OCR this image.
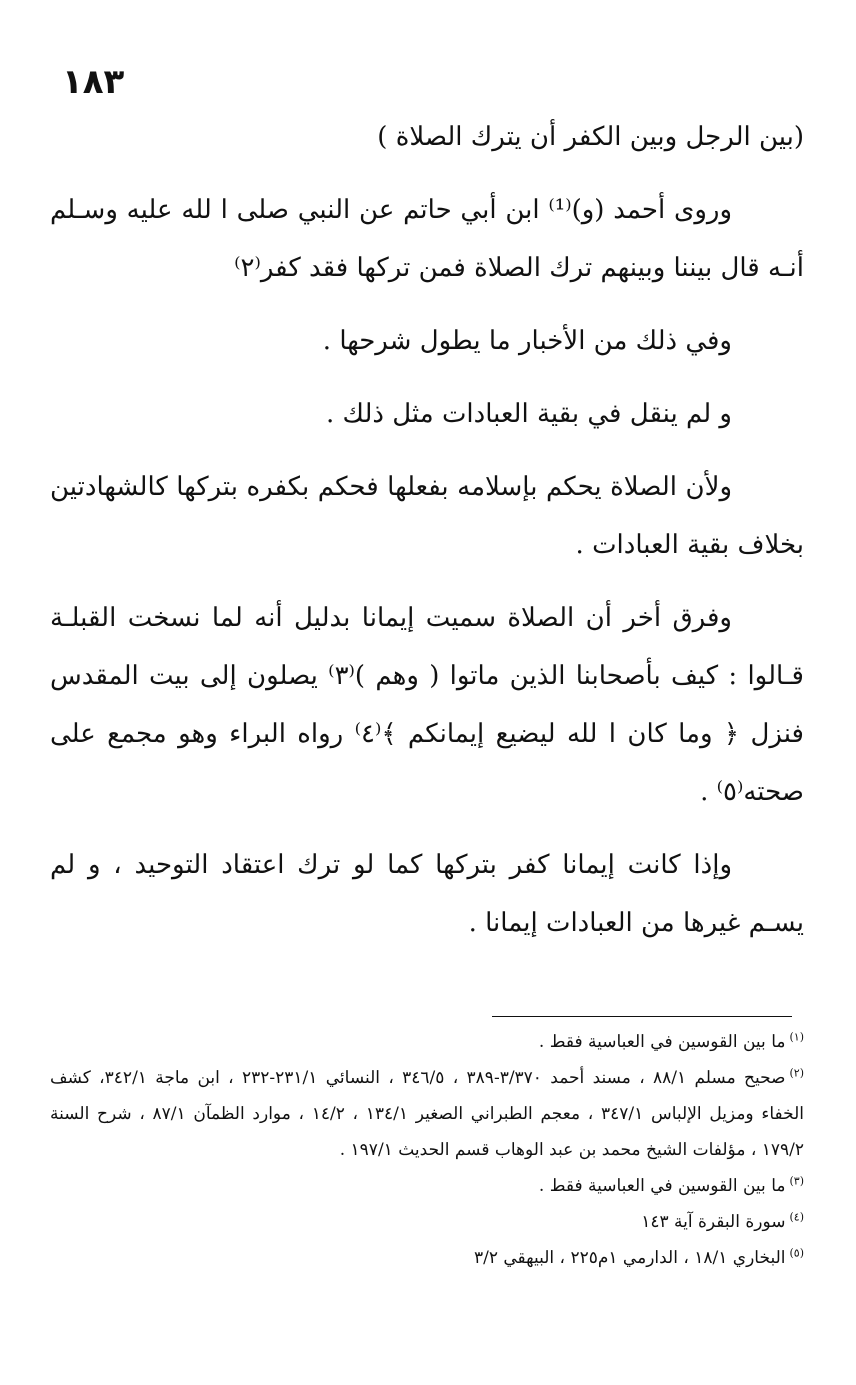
١٨٣

(بين الرجل وبين الكفر أن يترك الصلاة )

وروى أحمد (و)⁽¹⁾ ابن أبي حاتم عن النبي صلى ا لله عليه وسـلم أنـه قال بيننا وبينهم ترك الصلاة فمن تركها فقد كفر⁽٢⁾

وفي ذلك من الأخبار ما يطول شرحها .

و لم ينقل في بقية العبادات مثل ذلك .

ولأن الصلاة يحكم بإسلامه بفعلها فحكم بكفره بتركها كالشهادتين بخلاف بقية العبادات .

وفرق أخر أن الصلاة سميت إيمانا بدليل أنه لما نسخت القبلـة قـالوا : كيف بأصحابنا الذين ماتوا ( وهم )⁽٣⁾ يصلون إلى بيت المقدس فنزل ﴿ وما كان ا لله ليضيع إيمانكم ﴾⁽٤⁾ رواه البراء وهو مجمع على صحته⁽٥⁾ .

وإذا كانت إيمانا كفر بتركها كما لو ترك اعتقاد التوحيد ، و لم يسـم غيرها من العبادات إيمانا .

$^{(١)}$ما بين القوسين في العباسية فقط .

$^{(٢)}$صحيح مسلم ٨٨/١ ، مسند أحمد ٣/٣٧٠-٣٨٩ ، ٣٤٦/٥ ، النسائي ٢٣١/١-٢٣٢ ، ابن ماجة ٣٤٢/١، كشف الخفاء ومزيل الإلباس ٣٤٧/١ ، معجم الطبراني الصغير ١٣٤/١ ، ١٤/٢ ، موارد الظمآن ٨٧/١ ، شرح السنة ١٧٩/٢ ، مؤلفات الشيخ محمد بن عبد الوهاب قسم الحديث ١٩٧/١ .

$^{(٣)}$ما بين القوسين في العباسية فقط .

$^{(٤)}$سورة البقرة آية ١٤٣

$^{(٥)}$البخاري ١٨/١ ، الدارمي ١م٢٢٥ ، البيهقي ٣/٢
